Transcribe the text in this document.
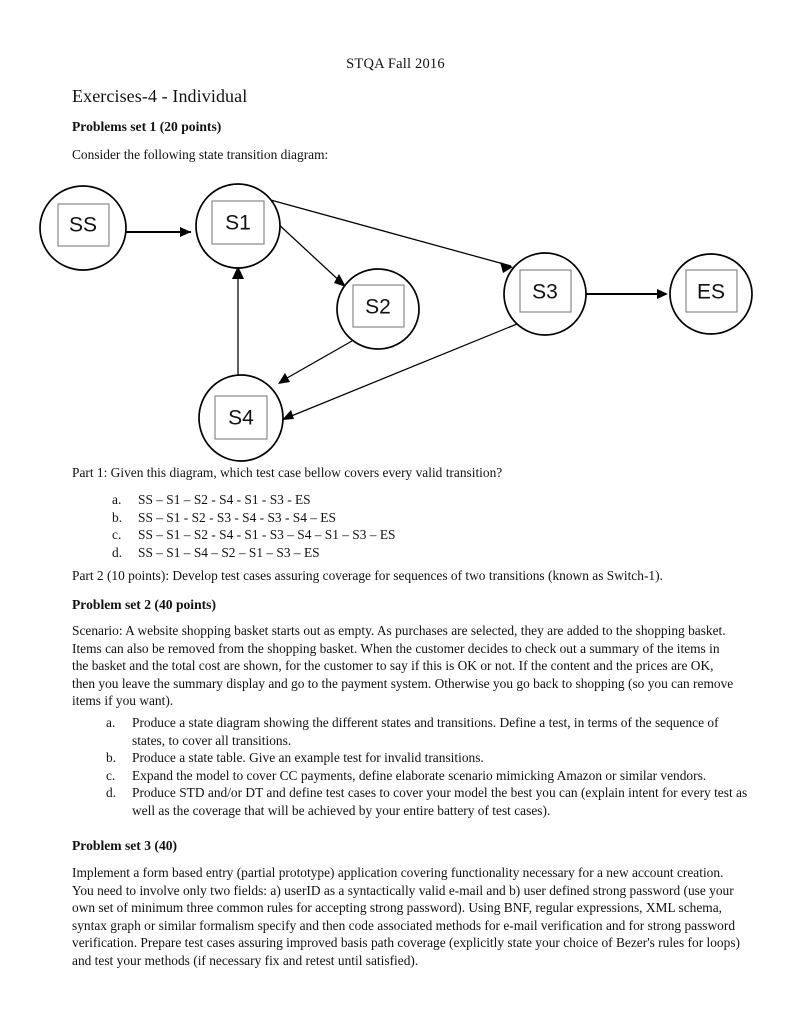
STQA Fall 2016
Exercises-4 - Individual
Problems set 1 (20 points)
Consider the following state transition diagram:
SS	S1
S2
S3
S4
ES
Part 1: Given this diagram, which test case bellow covers every valid transition?
a.	SS – S1 – S2 - S4 - S1 - S3 - ES
b.	SS – S1 - S2 - S3 - S4 - S3 - S4 – ES
c.	SS – S1 – S2 - S4 - S1 - S3 – S4 – S1 – S3 – ES
d.	SS – S1 – S4 – S2 – S1 – S3 – ES
Part 2 (10 points): Develop test cases assuring coverage for sequences of two transitions (known as Switch-1).
Problem set 2 (40 points)
Scenario: A website shopping basket starts out as empty. As purchases are selected, they are added to the shopping basket. Items can also be removed from the shopping basket. When the customer decides to check out a summary of the items in the basket and the total cost are shown, for the customer to say if this is OK or not. If the content and the prices are OK, then you leave the summary display and go to the payment system. Otherwise you go back to shopping (so you can remove items if you want).
a.	Produce a state diagram showing the different states and transitions. Define a test, in terms of the sequence of states, to cover all transitions.
b.	Produce a state table. Give an example test for invalid transitions.
c.	Expand the model to cover CC payments, define elaborate scenario mimicking Amazon or similar vendors.
d.	Produce STD and/or DT and define test cases to cover your model the best you can (explain intent for every test as well as the coverage that will be achieved by your entire battery of test cases).
Problem set 3 (40)
Implement a form based entry (partial prototype) application covering functionality necessary for a new account creation. You need to involve only two fields: a) userID as a syntactically valid e-mail and b) user defined strong password (use your own set of minimum three common rules for accepting strong password). Using BNF, regular expressions, XML schema, syntax graph or similar formalism specify and then code associated methods for e-mail verification and for strong password verification. Prepare test cases assuring improved basis path coverage (explicitly state your choice of Bezer's rules for loops) and test your methods (if necessary fix and retest until satisfied).
